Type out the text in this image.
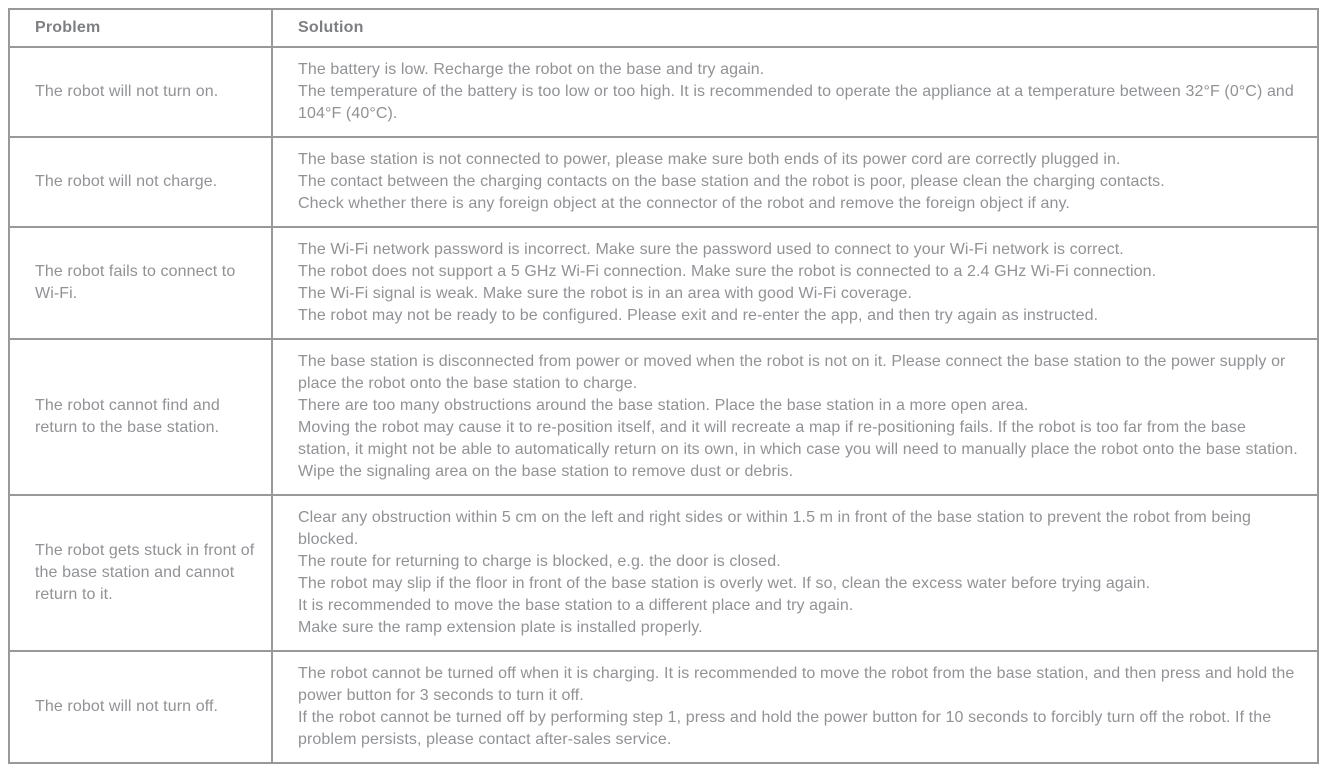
Problem	Solution
The robot will not turn on.	The battery is low. Recharge the robot on the base and try again.
The temperature of the battery is too low or too high. It is recommended to operate the appliance at a temperature between 32°F (0°C) and 104°F (40°C).

The robot will not charge.	The base station is not connected to power, please make sure both ends of its power cord are correctly plugged in.
The contact between the charging contacts on the base station and the robot is poor, please clean the charging contacts.
Check whether there is any foreign object at the connector of the robot and remove the foreign object if any.

The robot fails to connect to Wi-Fi.	The Wi-Fi network password is incorrect. Make sure the password used to connect to your Wi-Fi network is correct.
The robot does not support a 5 GHz Wi-Fi connection. Make sure the robot is connected to a 2.4 GHz Wi-Fi connection.
The Wi-Fi signal is weak. Make sure the robot is in an area with good Wi-Fi coverage.
The robot may not be ready to be configured. Please exit and re-enter the app, and then try again as instructed.

The robot cannot find and return to the base station.	The base station is disconnected from power or moved when the robot is not on it. Please connect the base station to the power supply or place the robot onto the base station to charge.
There are too many obstructions around the base station. Place the base station in a more open area.
Moving the robot may cause it to re-position itself, and it will recreate a map if re-positioning fails. If the robot is too far from the base station, it might not be able to automatically return on its own, in which case you will need to manually place the robot onto the base station.
Wipe the signaling area on the base station to remove dust or debris.

The robot gets stuck in front of the base station and cannot return to it.	Clear any obstruction within 5 cm on the left and right sides or within 1.5 m in front of the base station to prevent the robot from being blocked.
The route for returning to charge is blocked, e.g. the door is closed.
The robot may slip if the floor in front of the base station is overly wet. If so, clean the excess water before trying again.
It is recommended to move the base station to a different place and try again.
Make sure the ramp extension plate is installed properly.

The robot will not turn off.	The robot cannot be turned off when it is charging. It is recommended to move the robot from the base station, and then press and hold the power button for 3 seconds to turn it off.
If the robot cannot be turned off by performing step 1, press and hold the power button for 10 seconds to forcibly turn off the robot. If the problem persists, please contact after-sales service.
